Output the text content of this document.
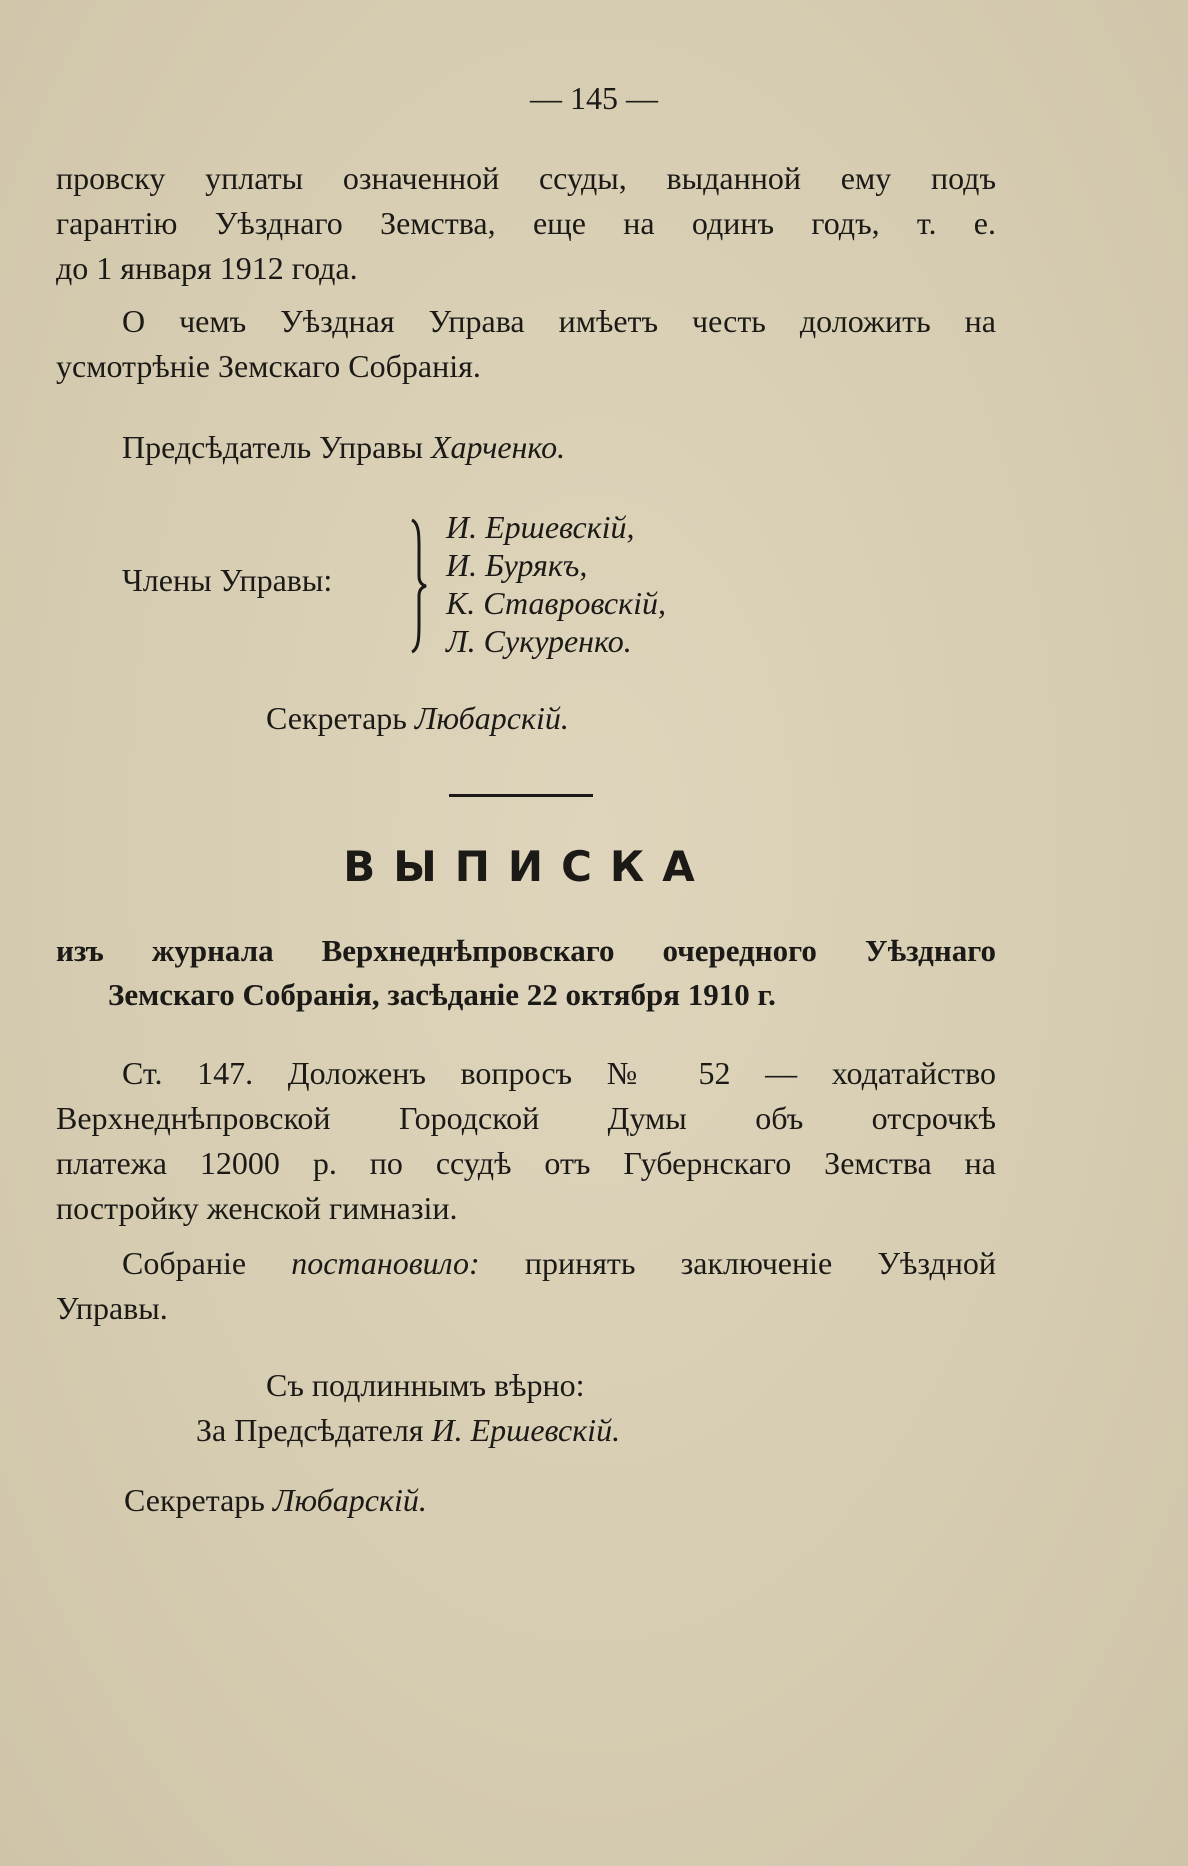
— 145 —
провску уплаты означенной ссуды, выданной ему подъ
гарантію Уѣзднаго Земства, еще на одинъ годъ, т. е.
до 1 января 1912 года.
О чемъ Уѣздная Управа имѣетъ честь доложить на
усмотрѣніе Земскаго Собранія.
Предсѣдатель Управы Харченко.
Члены Управы:
И. Ершевскій,
И. Бурякъ,
К. Ставровскій,
Л. Сукуренко.
Секретарь Любарскій.
ВЫПИСКА
изъ журнала Верхнеднѣпровскаго очередного Уѣзднаго
Земскаго Собранія, засѣданіе 22 октября 1910 г.
Ст. 147. Доложенъ вопросъ № 52 — ходатайство
Верхнеднѣпровской Городской Думы объ отсрочкѣ
платежа 12000 р. по ссудѣ отъ Губернскаго Земства на
постройку женской гимназіи.
Собраніе постановило: принять заключеніе Уѣздной
Управы.
Съ подлиннымъ вѣрно:
За Предсѣдателя И. Ершевскій.
Секретарь Любарскій.
